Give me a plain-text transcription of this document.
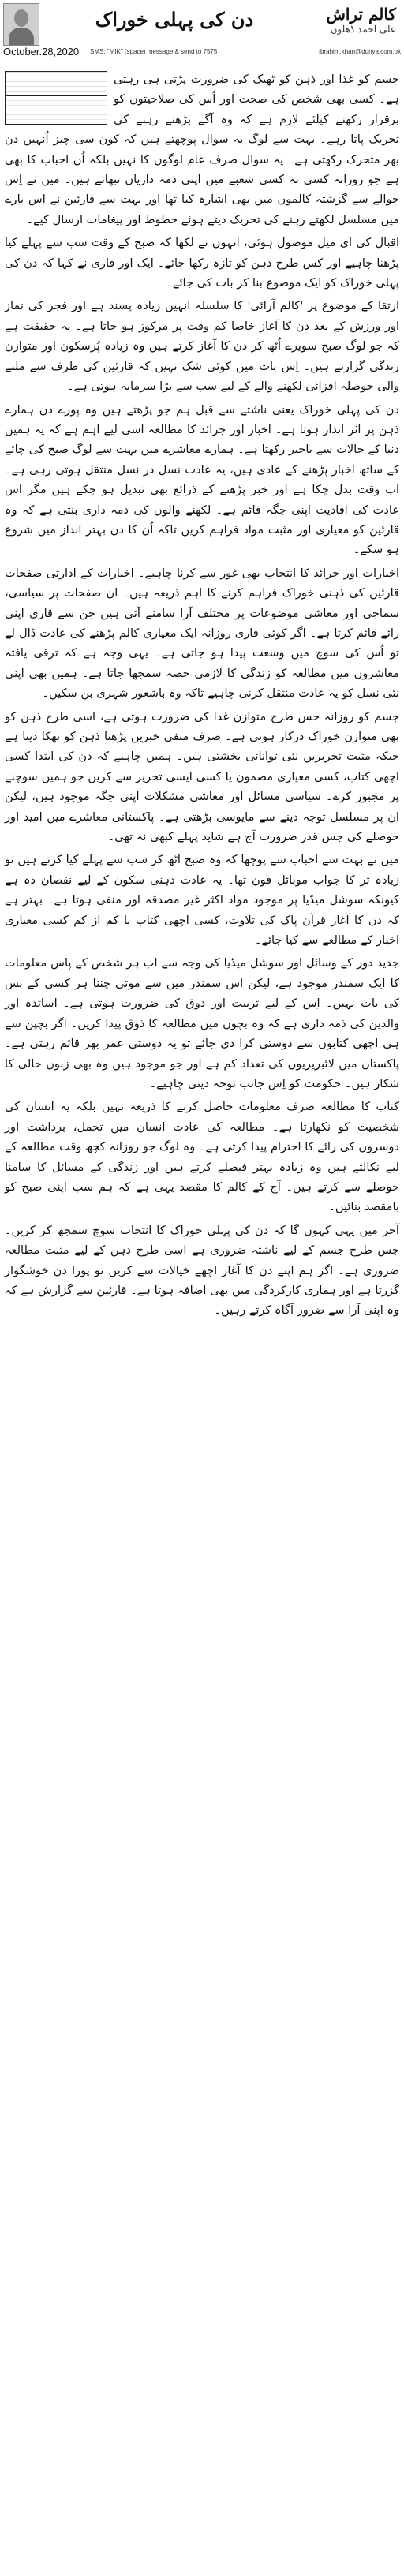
دن کی پہلی خوراک	کالم تراش
علی احمد ڈھلوں
October.28,2020 SMS: "MIK" (space) message & send to 7575	ibrahim.khan@dunya.com.pk

جسم کو غذا اور ذہن کو ٹھیک کی ضرورت پڑتی ہی رہتی ہے۔ کسی بھی شخص کی صحت اور اُس کی صلاحیتوں کو برقرار رکھنے کیلئے لازم ہے کہ وہ آگے بڑھتے رہنے کی تحریک پاتا رہے۔ بہت سے لوگ یہ سوال پوچھتے ہیں کہ کون سی چیز اُنہیں دن بھر متحرک رکھتی ہے۔ یہ سوال صرف عام لوگوں کا نہیں بلکہ اُن احباب کا بھی ہے جو روزانہ کسی نہ کسی شعبے میں اپنی ذمہ داریاں نبھاتے ہیں۔ میں نے اِس حوالے سے گزشتہ کالموں میں بھی اشارہ کیا تھا اور بہت سے قارئین نے اِس بارے میں مسلسل لکھتے رہنے کی تحریک دیتے ہوئے خطوط اور پیغامات ارسال کیے۔

اقبال کی ای میل موصول ہوئی، انہوں نے لکھا کہ صبح کے وقت سب سے پہلے کیا پڑھنا چاہیے اور کس طرح ذہن کو تازہ رکھا جائے۔ ایک اور قاری نے کہا کہ دن کی پہلی خوراک کو ایک موضوع بنا کر بات کی جائے۔

ارتقا کے موضوع پر 'کالم آرائی' کا سلسلہ انہیں زیادہ پسند ہے اور فجر کی نماز اور ورزش کے بعد دن کا آغاز خاصا کم وقت پر مرکوز ہو جاتا ہے۔ یہ حقیقت ہے کہ جو لوگ صبح سویرے اُٹھ کر دن کا آغاز کرتے ہیں وہ زیادہ پُرسکون اور متوازن زندگی گزارتے ہیں۔ اِس بات میں کوئی شک نہیں کہ قارئین کی طرف سے ملنے والی حوصلہ افزائی لکھنے والے کے لیے سب سے بڑا سرمایہ ہوتی ہے۔

دن کی پہلی خوراک یعنی ناشتے سے قبل ہم جو پڑھتے ہیں وہ پورے دن ہمارے ذہن پر اثر انداز ہوتا ہے۔ اخبار اور جرائد کا مطالعہ اسی لیے اہم ہے کہ یہ ہمیں دنیا کے حالات سے باخبر رکھتا ہے۔ ہمارے معاشرے میں بہت سے لوگ صبح کی چائے کے ساتھ اخبار پڑھنے کے عادی ہیں، یہ عادت نسل در نسل منتقل ہوتی رہی ہے۔ اب وقت بدل چکا ہے اور خبر پڑھنے کے ذرائع بھی تبدیل ہو چکے ہیں مگر اس عادت کی افادیت اپنی جگہ قائم ہے۔ لکھنے والوں کی ذمہ داری بنتی ہے کہ وہ قارئین کو معیاری اور مثبت مواد فراہم کریں تاکہ اُن کا دن بہتر انداز میں شروع ہو سکے۔

اخبارات اور جرائد کا انتخاب بھی غور سے کرنا چاہیے۔ اخبارات کے ادارتی صفحات قارئین کی ذہنی خوراک فراہم کرنے کا اہم ذریعہ ہیں۔ ان صفحات پر سیاسی، سماجی اور معاشی موضوعات پر مختلف آرا سامنے آتی ہیں جن سے قاری اپنی رائے قائم کرتا ہے۔ اگر کوئی قاری روزانہ ایک معیاری کالم پڑھنے کی عادت ڈال لے تو اُس کی سوچ میں وسعت پیدا ہو جاتی ہے۔ یہی وجہ ہے کہ ترقی یافتہ معاشروں میں مطالعہ کو زندگی کا لازمی حصہ سمجھا جاتا ہے۔ ہمیں بھی اپنی نئی نسل کو یہ عادت منتقل کرنی چاہیے تاکہ وہ باشعور شہری بن سکیں۔

جسم کو روزانہ جس طرح متوازن غذا کی ضرورت ہوتی ہے، اسی طرح ذہن کو بھی متوازن خوراک درکار ہوتی ہے۔ صرف منفی خبریں پڑھنا ذہن کو تھکا دیتا ہے جبکہ مثبت تحریریں نئی توانائی بخشتی ہیں۔ ہمیں چاہیے کہ دن کی ابتدا کسی اچھی کتاب، کسی معیاری مضمون یا کسی ایسی تحریر سے کریں جو ہمیں سوچنے پر مجبور کرے۔ سیاسی مسائل اور معاشی مشکلات اپنی جگہ موجود ہیں، لیکن ان پر مسلسل توجہ دینے سے مایوسی بڑھتی ہے۔ پاکستانی معاشرے میں امید اور حوصلے کی جس قدر ضرورت آج ہے شاید پہلے کبھی نہ تھی۔

میں نے بہت سے احباب سے پوچھا کہ وہ صبح اٹھ کر سب سے پہلے کیا کرتے ہیں تو زیادہ تر کا جواب موبائل فون تھا۔ یہ عادت ذہنی سکون کے لیے نقصان دہ ہے کیونکہ سوشل میڈیا پر موجود مواد اکثر غیر مصدقہ اور منفی ہوتا ہے۔ بہتر ہے کہ دن کا آغاز قرآن پاک کی تلاوت، کسی اچھی کتاب یا کم از کم کسی معیاری اخبار کے مطالعے سے کیا جائے۔

جدید دور کے وسائل اور سوشل میڈیا کی وجہ سے اب ہر شخص کے پاس معلومات کا ایک سمندر موجود ہے، لیکن اس سمندر میں سے موتی چننا ہر کسی کے بس کی بات نہیں۔ اِس کے لیے تربیت اور ذوق کی ضرورت ہوتی ہے۔ اساتذہ اور والدین کی ذمہ داری ہے کہ وہ بچوں میں مطالعہ کا ذوق پیدا کریں۔ اگر بچپن سے ہی اچھی کتابوں سے دوستی کرا دی جائے تو یہ دوستی عمر بھر قائم رہتی ہے۔ پاکستان میں لائبریریوں کی تعداد کم ہے اور جو موجود ہیں وہ بھی زبوں حالی کا شکار ہیں۔ حکومت کو اِس جانب توجہ دینی چاہیے۔

کتاب کا مطالعہ صرف معلومات حاصل کرنے کا ذریعہ نہیں بلکہ یہ انسان کی شخصیت کو نکھارتا ہے۔ مطالعہ کی عادت انسان میں تحمل، برداشت اور دوسروں کی رائے کا احترام پیدا کرتی ہے۔ وہ لوگ جو روزانہ کچھ وقت مطالعہ کے لیے نکالتے ہیں وہ زیادہ بہتر فیصلے کرتے ہیں اور زندگی کے مسائل کا سامنا حوصلے سے کرتے ہیں۔ آج کے کالم کا مقصد یہی ہے کہ ہم سب اپنی صبح کو بامقصد بنائیں۔

آخر میں یہی کہوں گا کہ دن کی پہلی خوراک کا انتخاب سوچ سمجھ کر کریں۔ جس طرح جسم کے لیے ناشتہ ضروری ہے اسی طرح ذہن کے لیے مثبت مطالعہ ضروری ہے۔ اگر ہم اپنے دن کا آغاز اچھے خیالات سے کریں تو پورا دن خوشگوار گزرتا ہے اور ہماری کارکردگی میں بھی اضافہ ہوتا ہے۔ قارئین سے گزارش ہے کہ وہ اپنی آرا سے ضرور آگاہ کرتے رہیں۔
